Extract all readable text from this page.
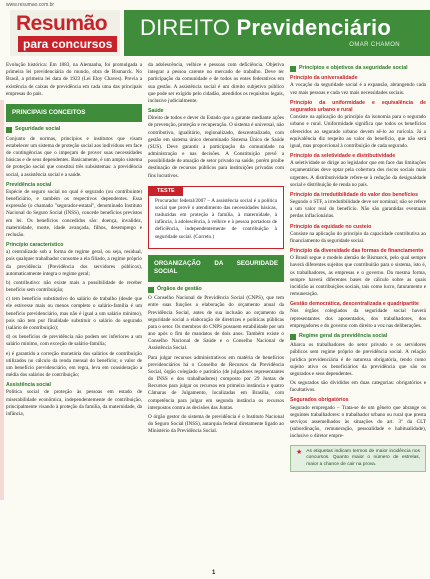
www.resumao.com.br
Resumão
para concursos
DIREITO Previdenciário
OMAR CHAMON

Evolução histórica: Em 1883, na Alemanha, foi promulgada a primeira lei previdenciária do mundo, obra de Bismarck. No Brasil, a primeira lei data de 1923 (Lei Eloy Chaves). Previa a existência de caixas de previdência em cada uma das principais empresas do país.

PRINCIPAIS CONCEITOS
Seguridade social

Conjunto de normas, princípios e institutos que visam estabelecer um sistema de proteção social aos indivíduos em face de contingências que o impeçam de prover suas necessidades básicas e de seus dependentes. Basicamente, é um amplo sistema de proteção social que constitui três subsistemas: a previdência social, a assistência social e a saúde.

Previdência social

Espécie de seguro social no qual é segurado (ou contribuinte) beneficiário, e também os respectivos dependentes. Essa expressão (o chamado "segurador-estatal", denominado Instituto Nacional do Seguro Social (INSS), concede benefícios previstos em lei. Os benefícios concedidos são: doença, invalidez, maternidade, morte, idade avançada, filhos, desemprego e reclusão.

Princípio característico

a) centralizado sob a forma de regime geral, ou seja, residual, pois qualquer trabalhador consome a ela filiado, a regime próprio da previdência (Previdência dos servidores públicos), automaticamente integra o regime geral;

b) contributivo: não existe mais a possibilidade de receber benefício sem contribuição;

c) tem benefício substitutivo do salário de trabalho (desde que ele estivesse mais ou menos completo o salário-família é um benefício previdenciário, mas não é igual a um salário mínimo), pois não tem por finalidade substituir o salário do segurado (salário de contribuição);

d) os benefícios de previdência não podem ser inferiores a um salário mínimo, com exceção de salário-família;

e) é garantido a correção monetária dos salários de contribuição utilizados no cálculo da renda mensal do benefício; o valor de um benefício previdenciário, em regra, leva em consideração a média dos salários de contribuição;

Assistência social

Política social de proteção às pessoas em estado de miserabilidade econômica, independentemente de contribuição, principalmente visando à proteção da família, da maternidade, da infância,

da adolescência, velhice e pessoas com deficiência. Objetiva integrar a pessoa carente no mercado de trabalho. Deve ter participação da comunidade e de todos os entes federativos em sua gestão. A assistência social é um direito subjetivo público que pode ser exigido pelo cidadão, atendidos os requisitos legais, inclusive judicialmente.

Saúde

Direito de todos e dever do Estado que a garante mediante ações de prevenção, proteção e recuperação. O sistema é universal, não contributivo, igualitário, regionalizado, descentralizado, com gestão em sistema único denominado Sistema Único de Saúde (SUS). Deve garantir a participação da comunidade na administração e nas decisões. A Constituição prevê a possibilidade de atuação de setor privado na saúde, porém proíbe destinação de recursos públicos para instituições privadas com fins lucrativos.

TESTE

Procurador federal/2007 – A assistência social é a política social que provê o atendimento das necessidades básicas, traduzidas em proteção à família, à maternidade, à infância, à adolescência, à velhice e à pessoa portadora de deficiência, independentemente de contribuição à seguridade social. (Correto.)

ORGANIZAÇÃO DA SEGURIDADE SOCIAL
Órgãos de gestão

O Conselho Nacional de Previdência Social (CNPS), que tem entre suas funções a elaboração do orçamento anual da Previdência Social, antes de sua inclusão ao orçamento da seguridade social a elaboração de diretrizes e políticas públicas para o setor. Os membros do CNPS possuem estabilidade por um ano após o fim de mandatos de dois anos. Também existe o Conselho Nacional de Saúde e o Conselho Nacional de Assistência Social.

Para julgar recursos administrativos em matéria de benefícios previdenciários há o Conselho de Recursos da Previdência Social, órgão colegiado e paritário (de julgadores representantes do INSS e dos trabalhadores) composto por 29 Juntas de Recursos para julgar os recursos em primeira instância e quatro Câmaras de Julgamento, localizadas em Brasília, com competência para julgar em segunda instância os recursos interpostos contra as decisões das Juntas.

O órgão gestor do sistema de previdência é o Instituto Nacional do Seguro Social (INSS), autarquia federal diretamente ligado ao Ministério da Previdência Social.

Princípios e objetivos da seguridade social
Princípio da universalidade

A vocação da seguridade social é a expansão, abrangendo cada vez mais pessoas e cada vez mais necessidades sociais.

Princípio da uniformidade e equivalência de segurados urbano e rural

Consiste na aplicação do princípio da isonomia para o segurado urbano e rural. Uniformidade significa que todos os benefícios oferecidos ao segurado urbano devem sê-lo ao rurícola. Já a equivalência diz respeito ao valor do benefício, que não será igual, mas proporcional à contribuição de cada segurado.

Princípio da seletividade e distributividade

A seletividade se dirige ao legislador que em face das limitações orçamentárias deve optar pela cobertura dos riscos sociais mais urgentes. A distributividade refere-se à redução da desigualdade social e distribuição de renda no país.

Princípio da irredutibilidade do valor dos benefícios

Segundo o STF, a irredutibilidade deve ser nominal; não se refere a um valor real do benefício. Não são garantidas eventuais perdas inflacionárias.

Princípio da equidade no custeio

Consiste na aplicação do princípio da capacidade contributiva ao financiamento da seguridade social.

Princípio da diversidade das formas de financiamento

O Brasil segue o modelo alemão de Bismarck, pelo qual sempre haverá diferentes sujeitos que contribuirão para o sistema, isto é, os trabalhadores, as empresas e o governo. Da mesma forma, sempre haverá diferentes bases de cálculo sobre as quais incidirão as contribuições sociais, tais como lucro, faturamento e remuneração.

Gestão democrática, descentralizada e quadripartite

Nos órgãos colegiados da seguridade social haverá representantes dos aposentados, dos trabalhadores, dos empregadores e do governo com direito a voz nas deliberações.

Regime geral da previdência social

Abarca os trabalhadores do setor privado e os servidores públicos sem regime próprio de previdência social. A relação jurídica previdenciária é de natureza obrigatória, tendo como sujeito ativo os beneficiários da previdência que são os segurados e seus dependentes.

Os segurados são divididos em duas categorias: obrigatórios e facultativos.

Segurados obrigatórios

Segurado empregado – Trata-se de um gênero que abrange os seguintes trabalhadores: o trabalhador urbano ou rural que presta serviços assemelhados às situações do art. 3º da CLT (subordinação, remuneração, pessoalidade e habitualidade), inclusive o diretor empre-

★ As etiquetas indicam termos de maior incidência nos concursos. Quanto maior o número de estrelas, maior a chance de cair na prova.
1
